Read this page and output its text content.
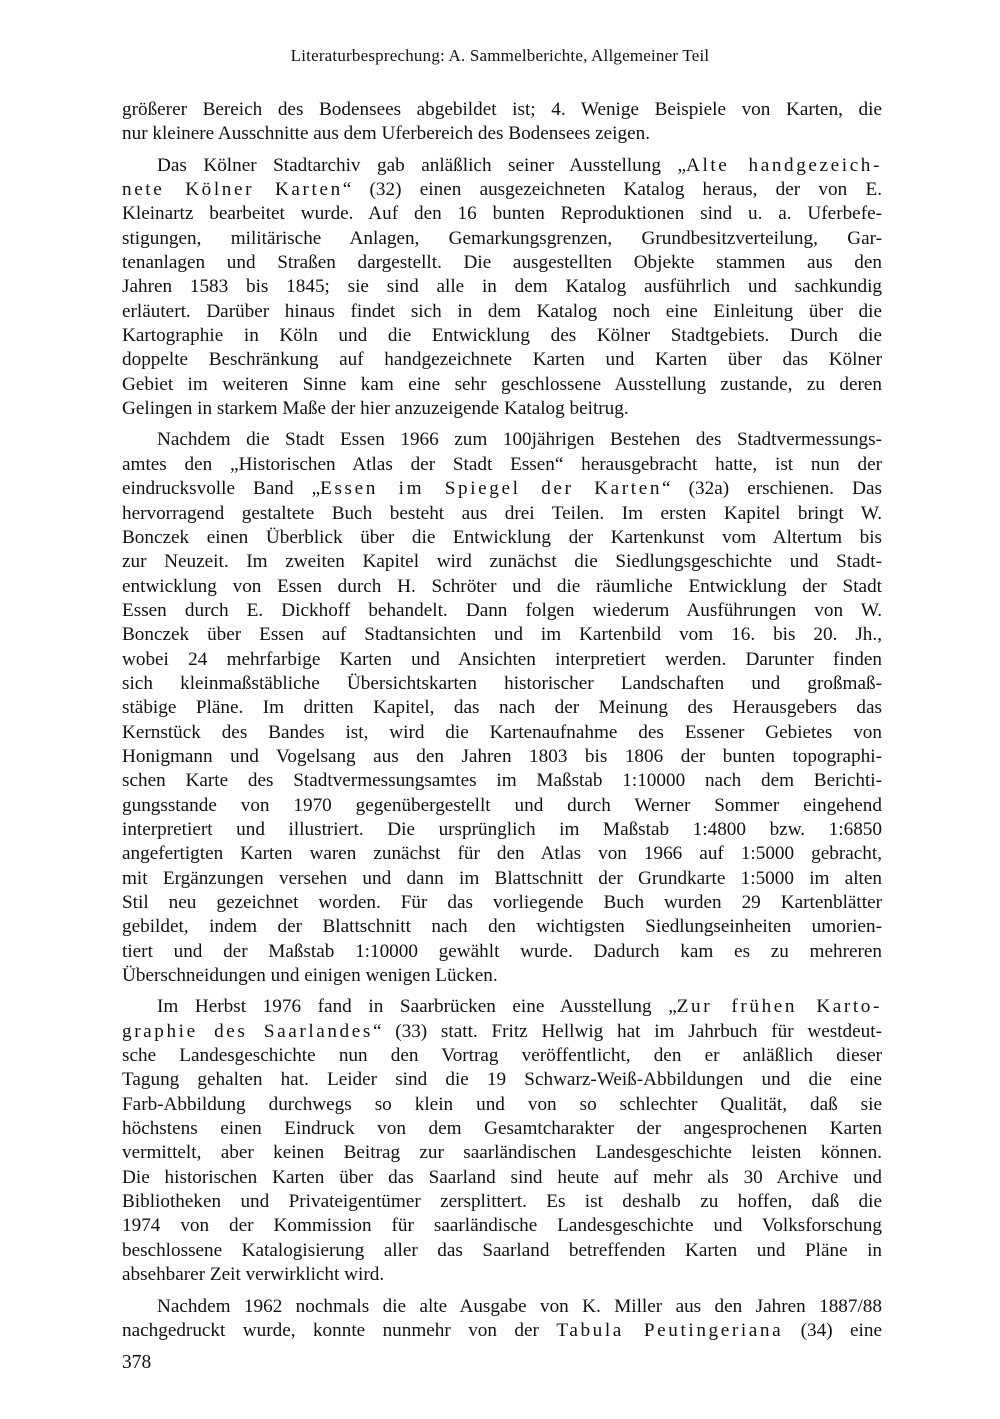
Literaturbesprechung: A. Sammelberichte, Allgemeiner Teil
größerer Bereich des Bodensees abgebildet ist; 4. Wenige Beispiele von Karten, die
nur kleinere Ausschnitte aus dem Uferbereich des Bodensees zeigen.
Das Kölner Stadtarchiv gab anläßlich seiner Ausstellung „Alte handgezeich-
nete Kölner Karten“ (32) einen ausgezeichneten Katalog heraus, der von E.
Kleinartz bearbeitet wurde. Auf den 16 bunten Reproduktionen sind u. a. Uferbefe-
stigungen, militärische Anlagen, Gemarkungsgrenzen, Grundbesitzverteilung, Gar-
tenanlagen und Straßen dargestellt. Die ausgestellten Objekte stammen aus den
Jahren 1583 bis 1845; sie sind alle in dem Katalog ausführlich und sachkundig
erläutert. Darüber hinaus findet sich in dem Katalog noch eine Einleitung über die
Kartographie in Köln und die Entwicklung des Kölner Stadtgebiets. Durch die
doppelte Beschränkung auf handgezeichnete Karten und Karten über das Kölner
Gebiet im weiteren Sinne kam eine sehr geschlossene Ausstellung zustande, zu deren
Gelingen in starkem Maße der hier anzuzeigende Katalog beitrug.
Nachdem die Stadt Essen 1966 zum 100jährigen Bestehen des Stadtvermessungs-
amtes den „Historischen Atlas der Stadt Essen“ herausgebracht hatte, ist nun der
eindrucksvolle Band „Essen im Spiegel der Karten“ (32a) erschienen. Das
hervorragend gestaltete Buch besteht aus drei Teilen. Im ersten Kapitel bringt W.
Bonczek einen Überblick über die Entwicklung der Kartenkunst vom Altertum bis
zur Neuzeit. Im zweiten Kapitel wird zunächst die Siedlungsgeschichte und Stadt-
entwicklung von Essen durch H. Schröter und die räumliche Entwicklung der Stadt
Essen durch E. Dickhoff behandelt. Dann folgen wiederum Ausführungen von W.
Bonczek über Essen auf Stadtansichten und im Kartenbild vom 16. bis 20. Jh.,
wobei 24 mehrfarbige Karten und Ansichten interpretiert werden. Darunter finden
sich kleinmaßstäbliche Übersichtskarten historischer Landschaften und großmaß-
stäbige Pläne. Im dritten Kapitel, das nach der Meinung des Herausgebers das
Kernstück des Bandes ist, wird die Kartenaufnahme des Essener Gebietes von
Honigmann und Vogelsang aus den Jahren 1803 bis 1806 der bunten topographi-
schen Karte des Stadtvermessungsamtes im Maßstab 1:10000 nach dem Berichti-
gungsstande von 1970 gegenübergestellt und durch Werner Sommer eingehend
interpretiert und illustriert. Die ursprünglich im Maßstab 1:4800 bzw. 1:6850
angefertigten Karten waren zunächst für den Atlas von 1966 auf 1:5000 gebracht,
mit Ergänzungen versehen und dann im Blattschnitt der Grundkarte 1:5000 im alten
Stil neu gezeichnet worden. Für das vorliegende Buch wurden 29 Kartenblätter
gebildet, indem der Blattschnitt nach den wichtigsten Siedlungseinheiten umorien-
tiert und der Maßstab 1:10000 gewählt wurde. Dadurch kam es zu mehreren
Überschneidungen und einigen wenigen Lücken.
Im Herbst 1976 fand in Saarbrücken eine Ausstellung „Zur frühen Karto-
graphie des Saarlandes“ (33) statt. Fritz Hellwig hat im Jahrbuch für westdeut-
sche Landesgeschichte nun den Vortrag veröffentlicht, den er anläßlich dieser
Tagung gehalten hat. Leider sind die 19 Schwarz-Weiß-Abbildungen und die eine
Farb-Abbildung durchwegs so klein und von so schlechter Qualität, daß sie
höchstens einen Eindruck von dem Gesamtcharakter der angesprochenen Karten
vermittelt, aber keinen Beitrag zur saarländischen Landesgeschichte leisten können.
Die historischen Karten über das Saarland sind heute auf mehr als 30 Archive und
Bibliotheken und Privateigentümer zersplittert. Es ist deshalb zu hoffen, daß die
1974 von der Kommission für saarländische Landesgeschichte und Volksforschung
beschlossene Katalogisierung aller das Saarland betreffenden Karten und Pläne in
absehbarer Zeit verwirklicht wird.
Nachdem 1962 nochmals die alte Ausgabe von K. Miller aus den Jahren 1887/88
nachgedruckt wurde, konnte nunmehr von der Tabula Peutingeriana (34) eine
378
